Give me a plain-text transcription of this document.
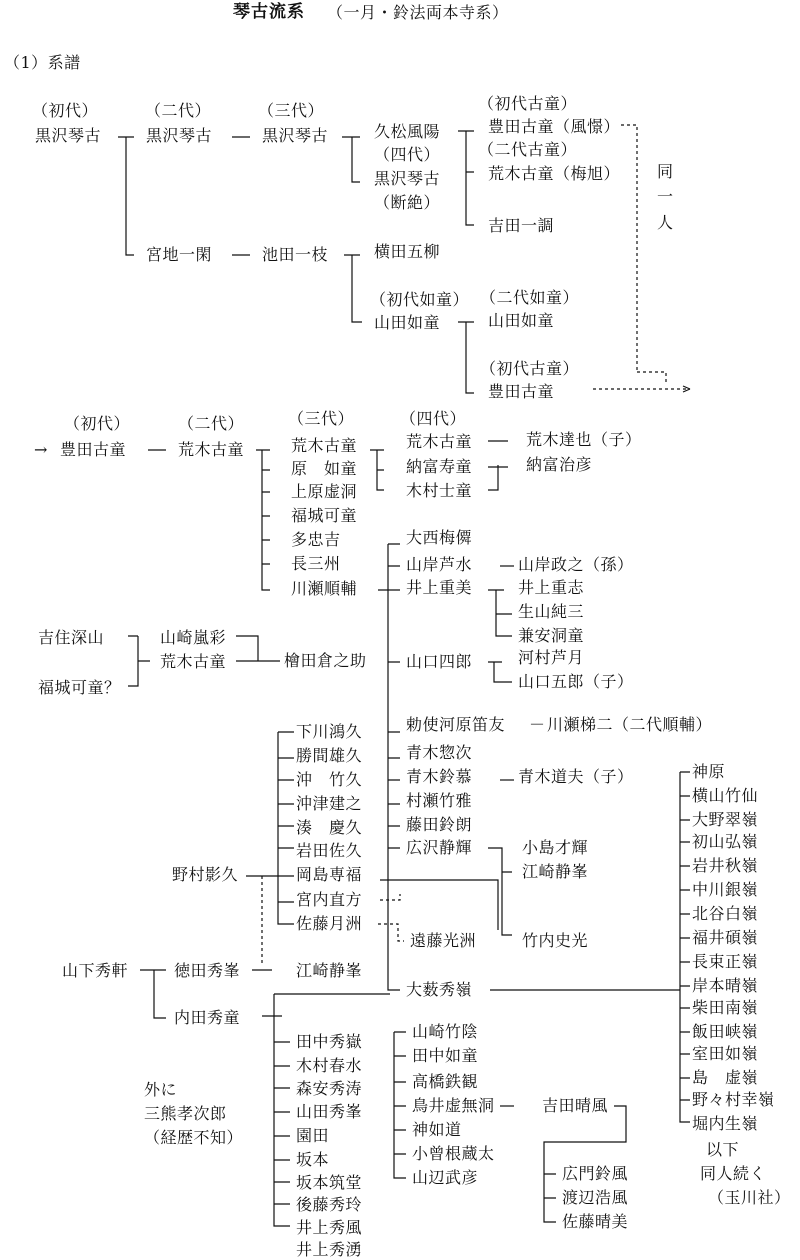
琴古流系 （一月・鈴法両本寺系）
（1）系譜
（初代）	（二代）	（三代）
黒沢琴古	黒沢琴古	黒沢琴古	久松風陽
（四代）
黒沢琴古
（断絶）
（初代古童）
豊田古童（風憬）
（二代古童）
荒木古童（梅旭）
吉田一調
同
一
人
宮地一閑	池田一枝	横田五柳
（初代如童）
山田如童
（二代如童）
山田如童
（初代古童）
豊田古童
（初代）	（二代）	（三代）	（四代）
→ 豊田古童	荒木古童	荒木古童	荒木古童	荒木達也（子）
原　如童
上原虚洞
福城可童
多忠吉
長三州
川瀬順輔
納富寿童	納富治彦
木村士童
大西梅僲
山岸芦水	山岸政之（孫）
井上重美	井上重志
生山純三
兼安洞童
吉住深山	山崎嵐彩
荒木古童	檜田倉之助
福城可童？
山口四郎	河村芦月
山口五郎（子）
勅使河原笛友 － 川瀬梯二（二代順輔）
青木惣次
青木鈴慕	青木道夫（子）
村瀬竹雅
藤田鈴朗
広沢静輝	小島才輝
江崎静峯
遠藤光洲	竹内史光
下川鴻久
勝間雄久
沖　竹久
沖津建之
湊　慶久
岩田佐久
岡島専福
宮内直方
佐藤月洲
野村影久
山下秀軒	徳田秀峯	江崎静峯
内田秀童
大薮秀嶺
田中秀嶽
木村春水
森安秀涛
山田秀峯
園田
坂本
坂本筑堂
後藤秀玲
井上秀風
井上秀湧
外に
三熊孝次郎
（経歴不知）
山崎竹陰
田中如童
高橋鉄観
鳥井虚無洞
神如道
小曾根蔵太
山辺武彦
吉田晴風
広門鈴風
渡辺浩風
佐藤晴美
神原
横山竹仙
大野翠嶺
初山弘嶺
岩井秋嶺
中川銀嶺
北谷白嶺
福井碩嶺
長束正嶺
岸本晴嶺
柴田南嶺
飯田峡嶺
室田如嶺
島　虚嶺
野々村幸嶺
堀内生嶺
以下
同人続く
（玉川社）
